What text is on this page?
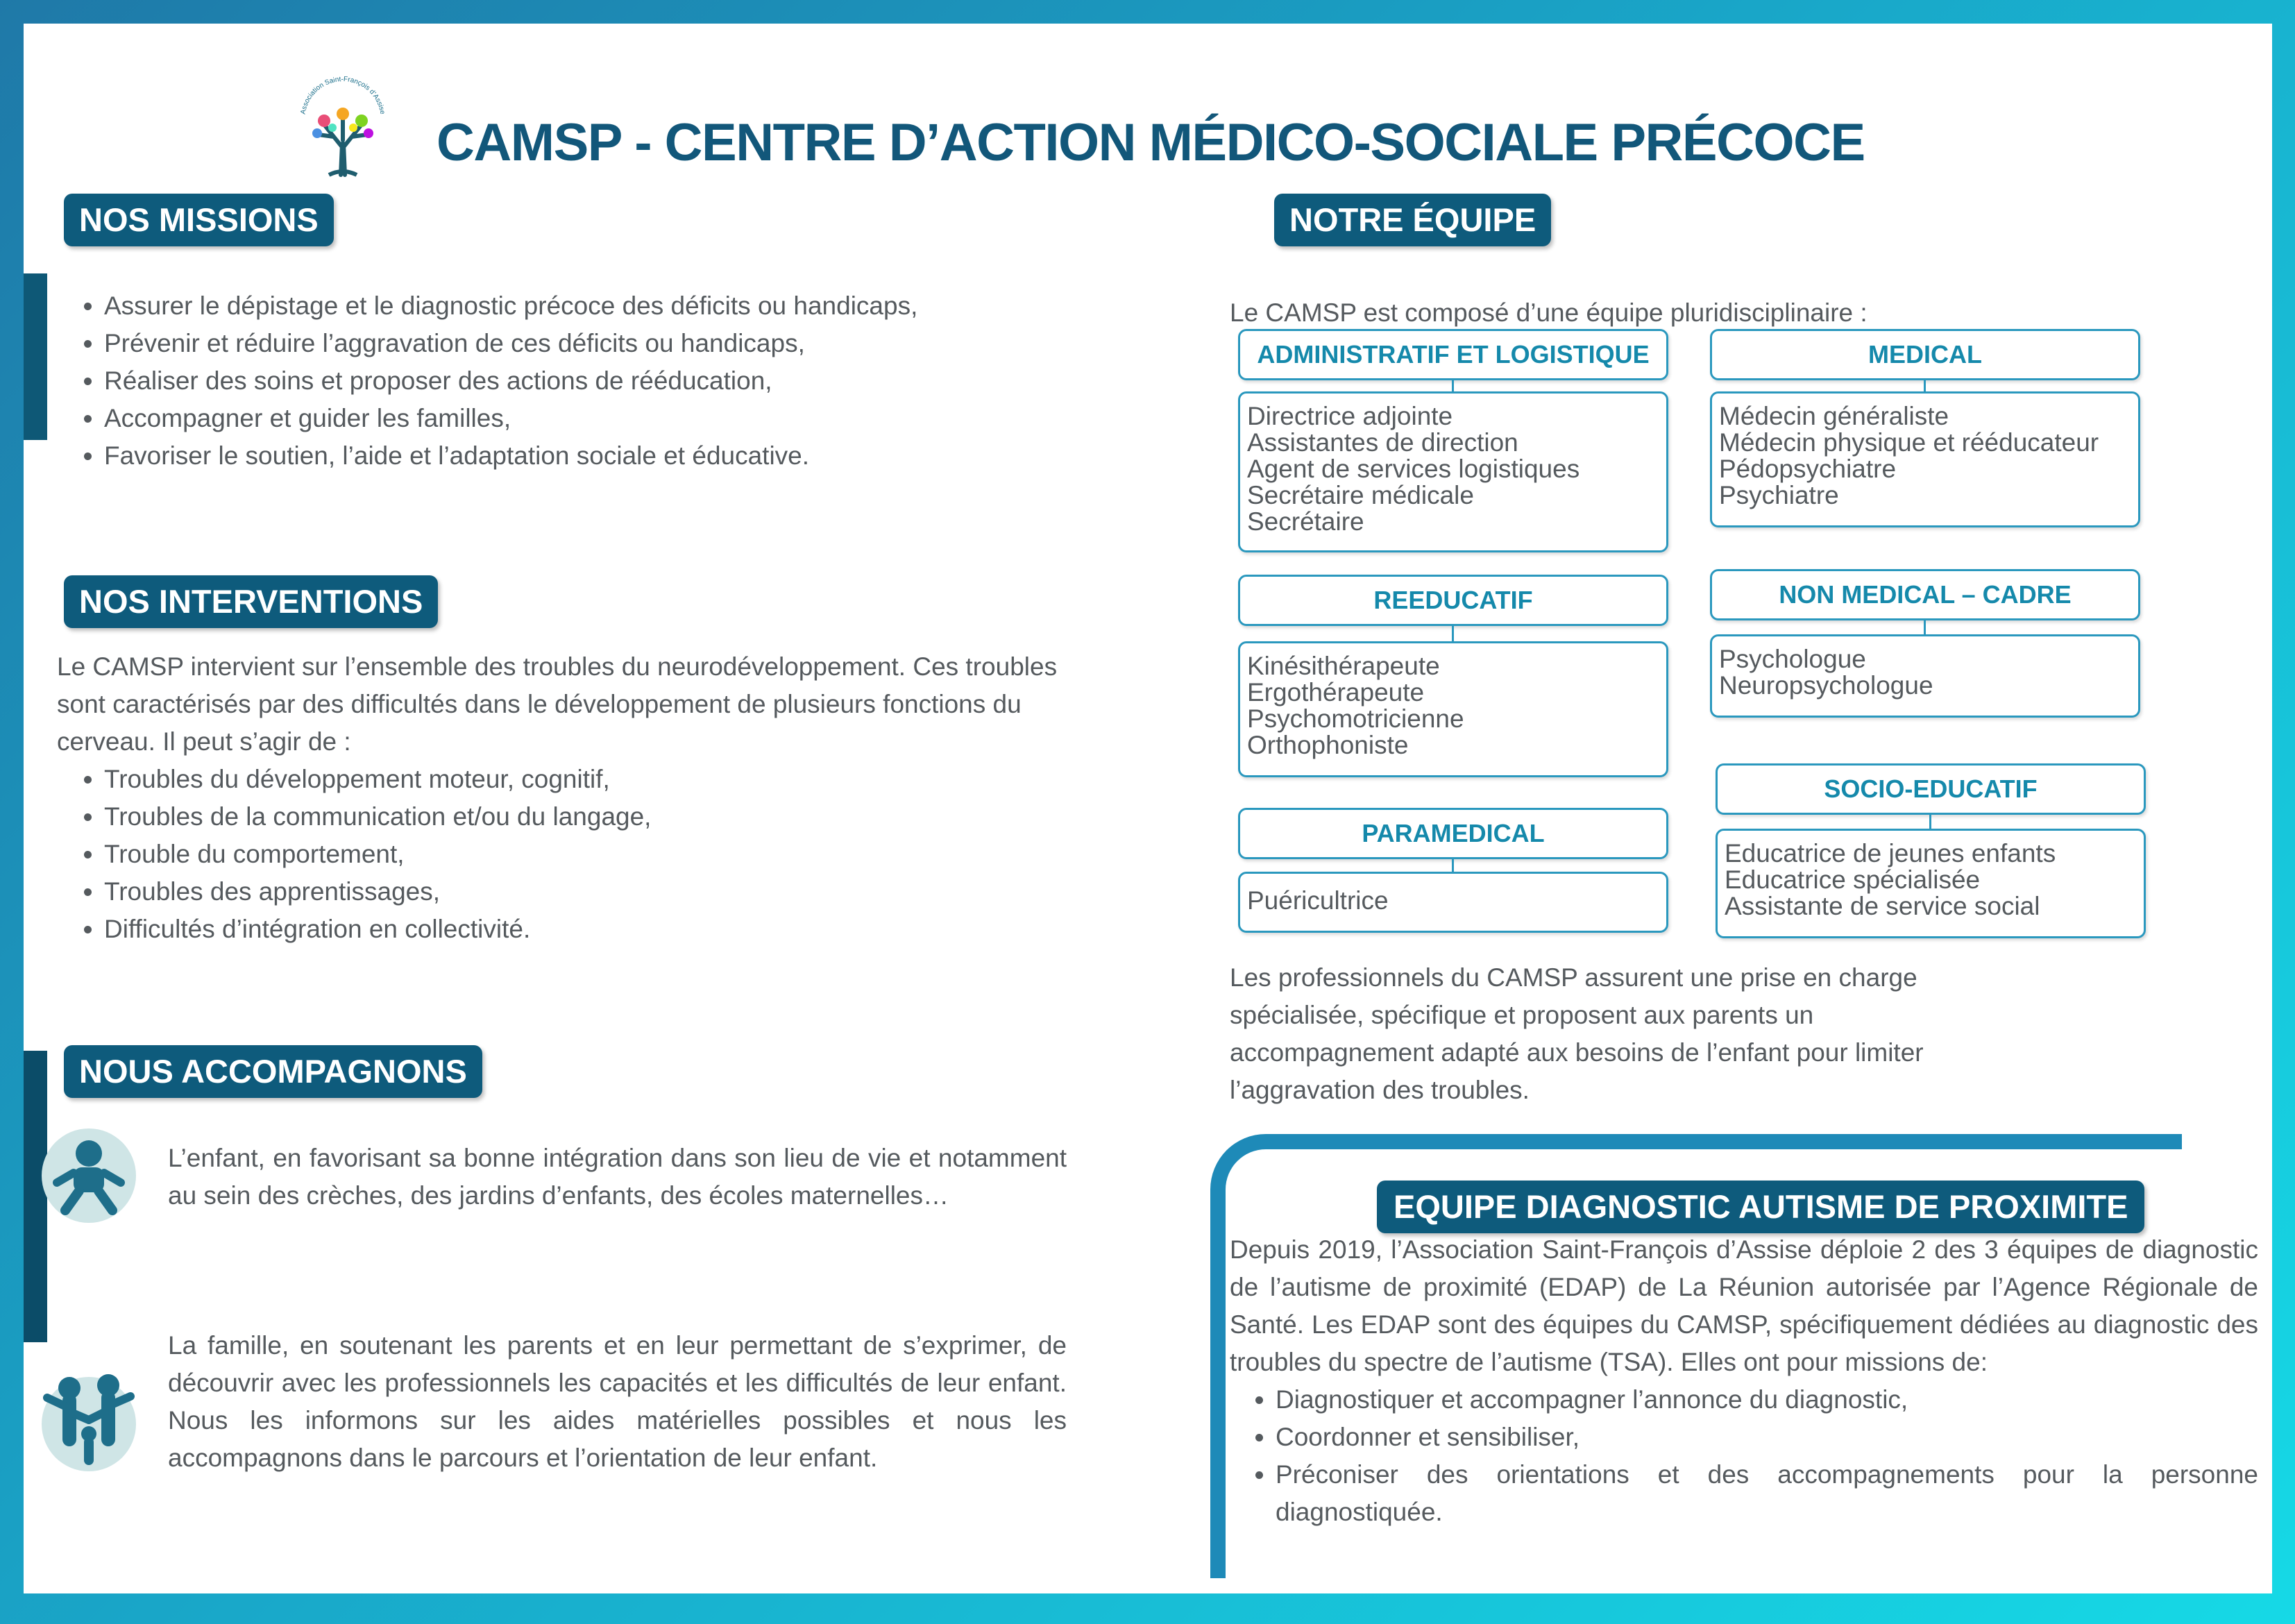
Association Saint-François d’Assise
CAMSP - CENTRE D’ACTION MÉDICO-SOCIALE PRÉCOCE
NOS MISSIONS
• Assurer le dépistage et le diagnostic précoce des déficits ou handicaps,
• Prévenir et réduire l’aggravation de ces déficits ou handicaps,
• Réaliser des soins et proposer des actions de rééducation,
• Accompagner et guider les familles,
• Favoriser le soutien, l’aide et l’adaptation sociale et éducative.
NOS INTERVENTIONS

Le CAMSP intervient sur l’ensemble des troubles du neurodéveloppement. Ces troubles sont caractérisés par des difficultés dans le développement de plusieurs fonctions du cerveau. Il peut s’agir de :

• Troubles du développement moteur, cognitif,
• Troubles de la communication et/ou du langage,
• Trouble du comportement,
• Troubles des apprentissages,
• Difficultés d’intégration en collectivité.
NOUS ACCOMPAGNONS

L’enfant, en favorisant sa bonne intégration dans son lieu de vie et notamment au sein des crèches, des jardins d’enfants, des écoles maternelles…

La famille, en soutenant les parents et en leur permettant de s’exprimer, de découvrir avec les professionnels les capacités et les difficultés de leur enfant. Nous les informons sur les aides matérielles possibles et nous les accompagnons dans le parcours et l’orientation de leur enfant.

NOTRE ÉQUIPE

Le CAMSP est composé d’une équipe pluridisciplinaire :

ADMINISTRATIF ET LOGISTIQUE
Directrice adjointe
Assistantes de direction
Agent de services logistiques
Secrétaire médicale
Secrétaire
MEDICAL
Médecin généraliste
Médecin physique et rééducateur
Pédopsychiatre
Psychiatre
REEDUCATIF
Kinésithérapeute
Ergothérapeute
Psychomotricienne
Orthophoniste
NON MEDICAL – CADRE
Psychologue
Neuropsychologue
PARAMEDICAL
Puéricultrice
SOCIO-EDUCATIF
Educatrice de jeunes enfants
Educatrice spécialisée
Assistante de service social

Les professionnels du CAMSP assurent une prise en charge spécialisée, spécifique et proposent aux parents un accompagnement adapté aux besoins de l’enfant pour limiter l’aggravation des troubles.

EQUIPE DIAGNOSTIC AUTISME DE PROXIMITE

Depuis 2019, l’Association Saint-François d’Assise déploie 2 des 3 équipes de diagnostic de l’autisme de proximité (EDAP) de La Réunion autorisée par l’Agence Régionale de Santé. Les EDAP sont des équipes du CAMSP, spécifiquement dédiées au diagnostic des troubles du spectre de l’autisme (TSA). Elles ont pour missions de:

• Diagnostiquer et accompagner l’annonce du diagnostic,
• Coordonner et sensibiliser,
• Préconiser des orientations et des accompagnements pour la personne diagnostiquée.
